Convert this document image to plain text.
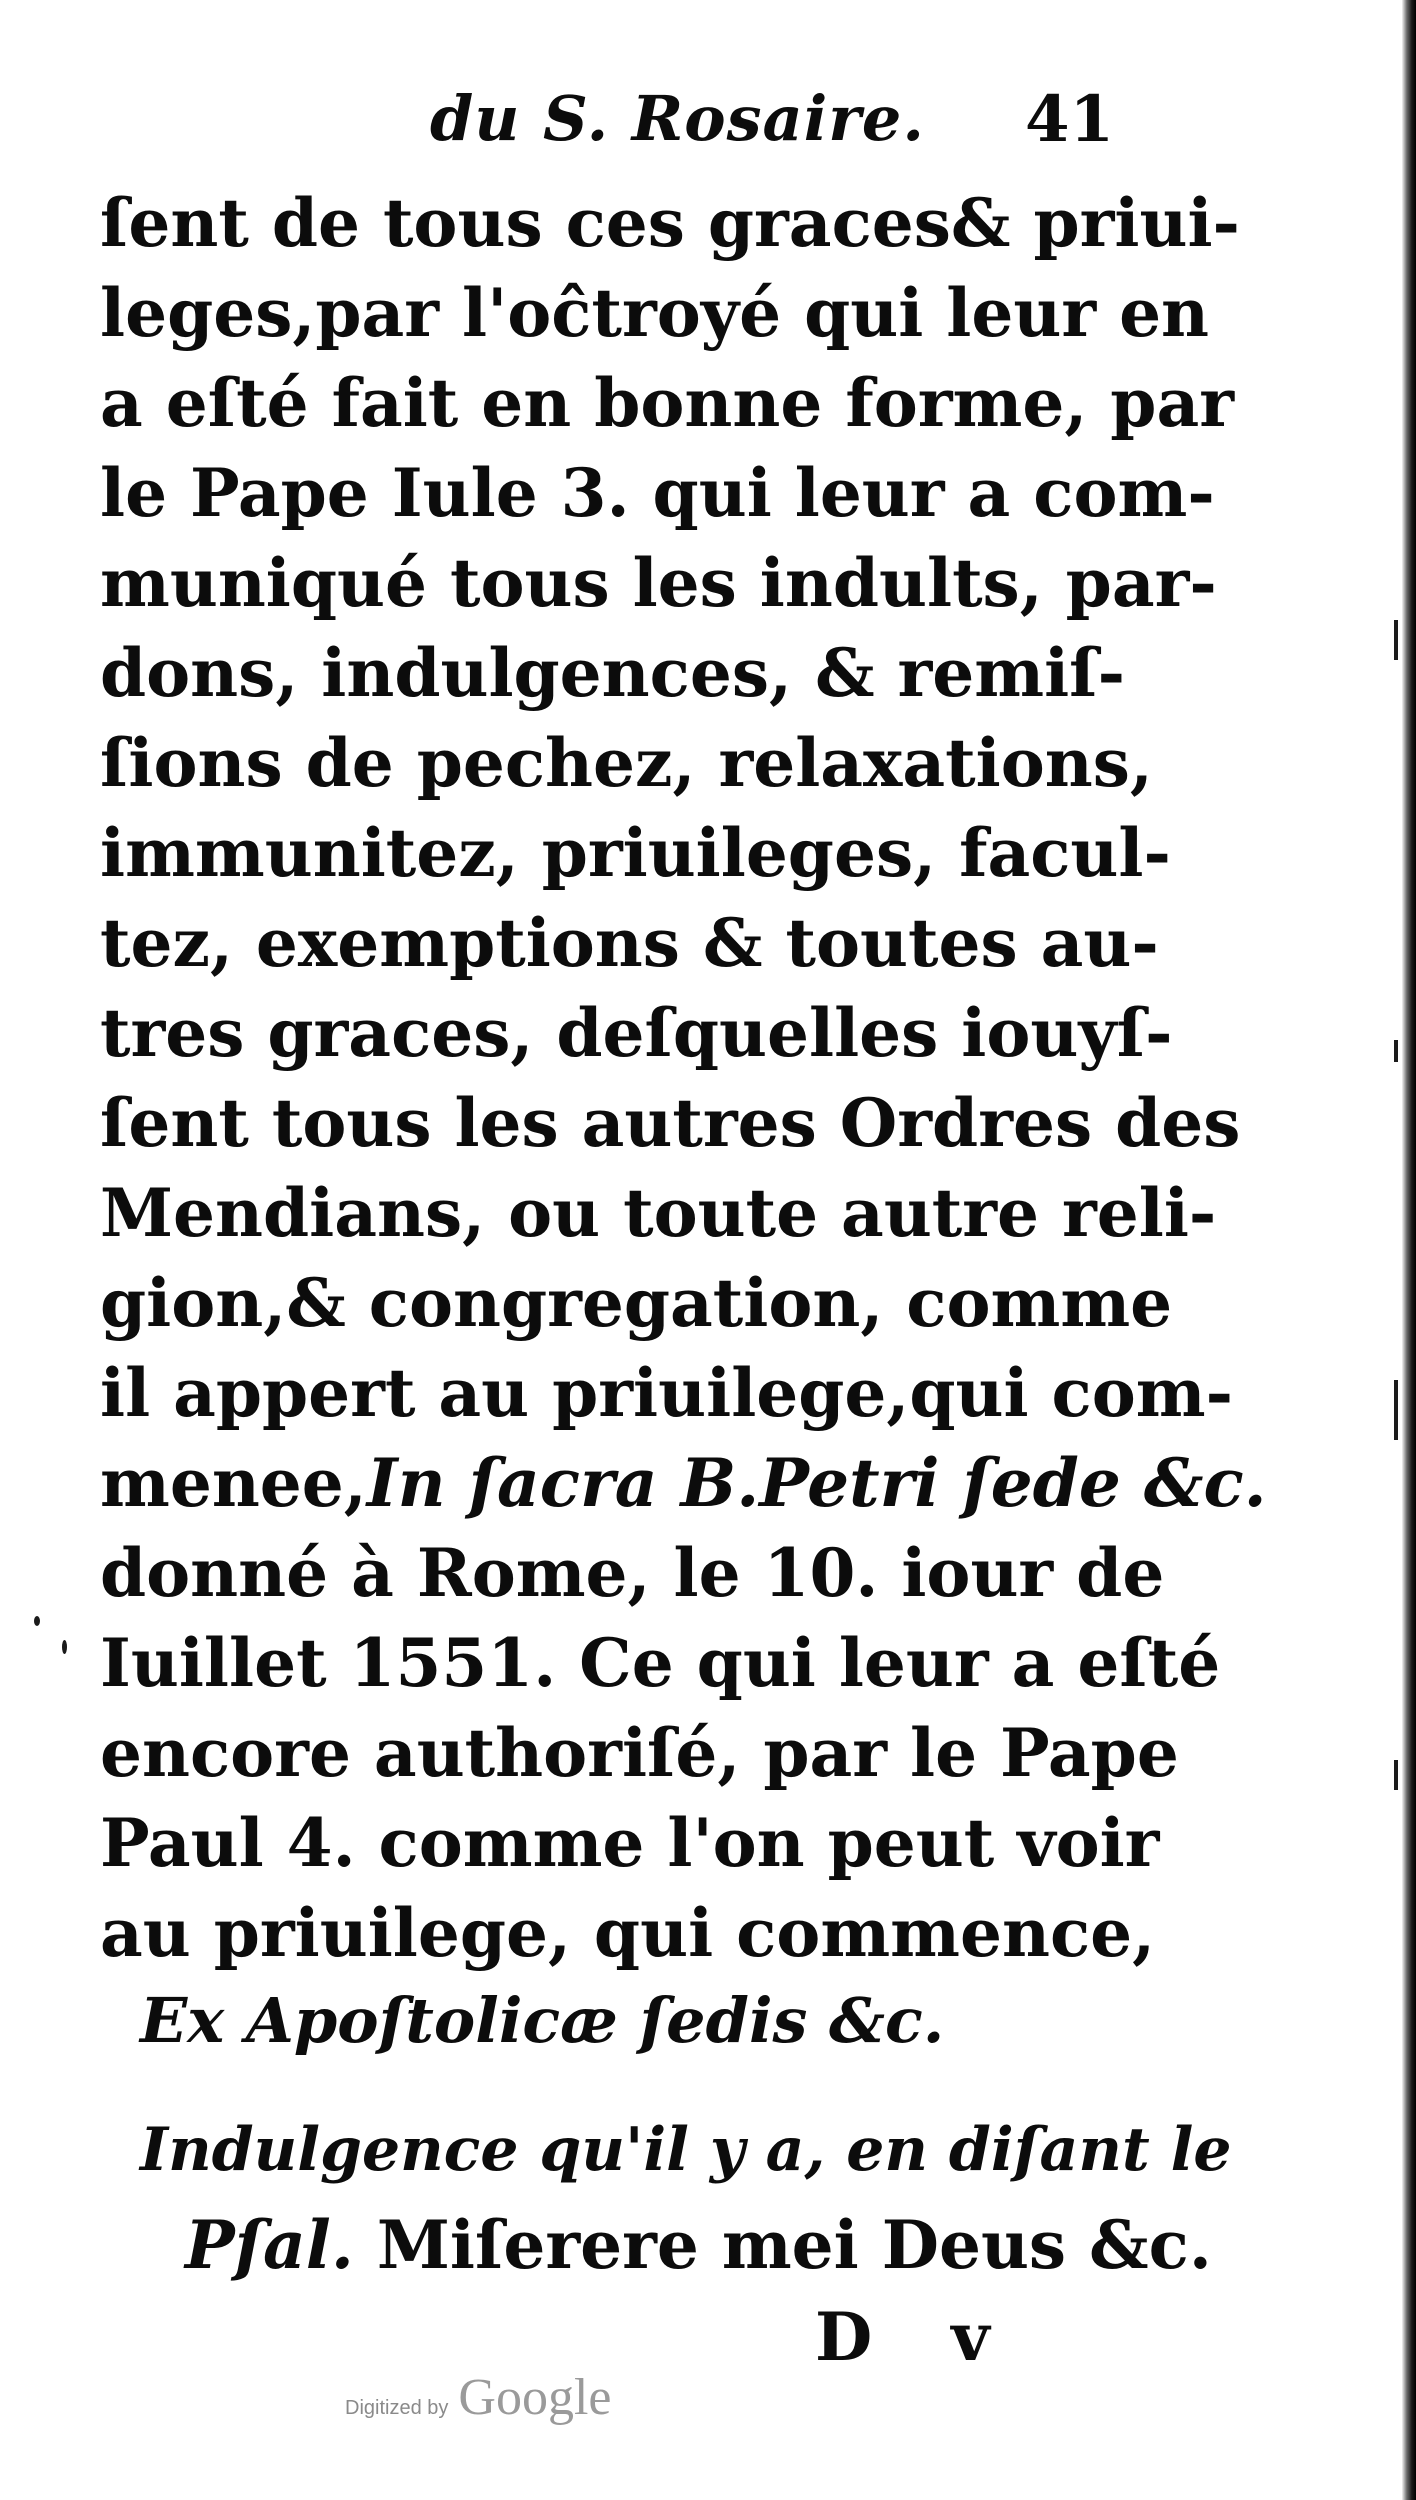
du S. Rosaire. 41
ſent de tous ces graces& priui-
leges,par l'oĉtroyé qui leur en
a eſté fait en bonne forme, par
le Pape Iule 3. qui leur a com-
muniqué tous les indults, par-
dons, indulgences, & remiſ-
ſions de pechez, relaxations,
immunitez, priuileges, facul-
tez, exemptions & toutes au-
tres graces, deſquelles iouyſ-
ſent tous les autres Ordres des
Mendians, ou toute autre reli-
gion,& congregation, comme
il appert au priuilege,qui com-
menee,In ſacra B.Petri ſede &c.
donné à Rome, le 10. iour de
Iuillet 1551. Ce qui leur a eſté
encore authoriſé, par le Pape
Paul 4. comme l'on peut voir
au priuilege, qui commence,
Ex Apoſtolicæ ſedis &c.
Indulgence qu'il y a, en diſant le
Pſal. Miſerere mei Deus &c.
D v
Digitized by Google
